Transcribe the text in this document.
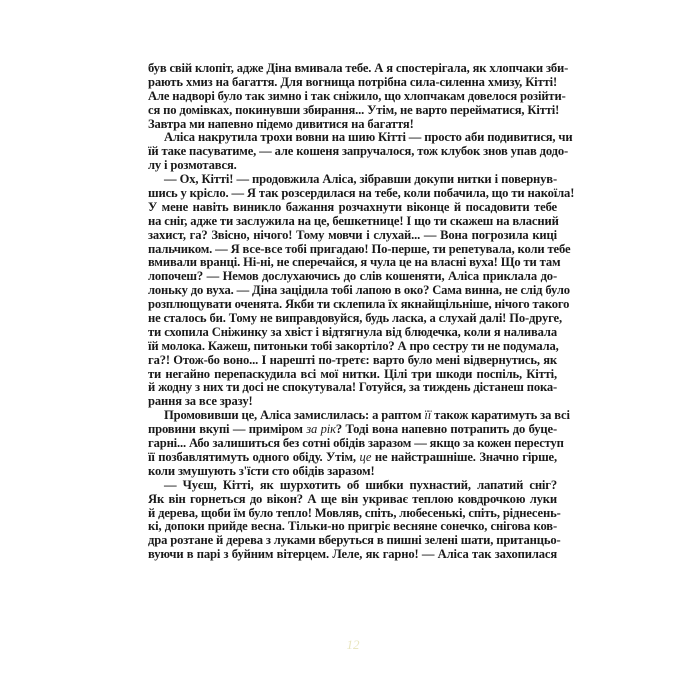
був свій клопіт, адже Діна вмивала тебе. А я спостерігала, як хлопчаки зби-
рають хмиз на багаття. Для вогнища потрібна сила-силенна хмизу, Кітті!
Але надворі було так зимно і так сніжило, що хлопчакам довелося розійти-
ся по домівках, покинувши збирання... Утім, не варто перейматися, Кітті!
Завтра ми напевно підемо дивитися на багаття!
Аліса накрутила трохи вовни на шию Кітті — просто аби подивитися, чи
їй таке пасуватиме, — але кошеня запручалося, тож клубок знов упав додо-
лу і розмотався.
— Ох, Кітті! — продовжила Аліса, зібравши докупи нитки і повернув-
шись у крісло. — Я так розсердилася на тебе, коли побачила, що ти накоїла!
У мене навіть виникло бажання розчахнути віконце й посадовити тебе
на сніг, адже ти заслужила на це, бешкетнице! І що ти скажеш на власний
захист, га? Звісно, нічого! Тому мовчи і слухай... — Вона погрозила киці
пальчиком. — Я все-все тобі пригадаю! По-перше, ти репетувала, коли тебе
вмивали вранці. Ні-ні, не сперечайся, я чула це на власні вуха! Що ти там
лопочеш? — Немов дослухаючись до слів кошеняти, Аліса приклала до-
лоньку до вуха. — Діна зацідила тобі лапою в око? Сама винна, не слід було
розплющувати оченята. Якби ти склепила їх якнайщільніше, нічого такого
не сталось би. Тому не виправдовуйся, будь ласка, а слухай далі! По-друге,
ти схопила Сніжинку за хвіст і відтягнула від блюдечка, коли я наливала
їй молока. Кажеш, питоньки тобі закортіло? А про сестру ти не подумала,
га?! Отож-бо воно... І нарешті по-третє: варто було мені відвернутись, як
ти негайно перепаскудила всі мої нитки. Цілі три шкоди поспіль, Кітті,
й жодну з них ти досі не спокутувала! Готуйся, за тиждень дістанеш пока-
рання за все зразу!
Промовивши це, Аліса замислилась: а раптом її також каратимуть за всі
провини вкупі — приміром за рік? Тоді вона напевно потрапить до буце-
гарні... Або залишиться без сотні обідів заразом — якщо за кожен переступ
її позбавлятимуть одного обіду. Утім, це не найстрашніше. Значно гірше,
коли змушують з'їсти сто обідів заразом!
— Чуєш, Кітті, як шурхотить об шибки пухнастий, лапатий сніг?
Як він горнеться до вікон? А ще він укриває теплою ковдрочкою луки
й дерева, щоби їм було тепло! Мовляв, спіть, любесенькі, спіть, ріднесень-
кі, допоки прийде весна. Тільки-но пригріє весняне сонечко, снігова ков-
дра розтане й дерева з луками вберуться в пишні зелені шати, пританцьо-
вуючи в парі з буйним вітерцем. Леле, як гарно! — Аліса так захопилася
12
